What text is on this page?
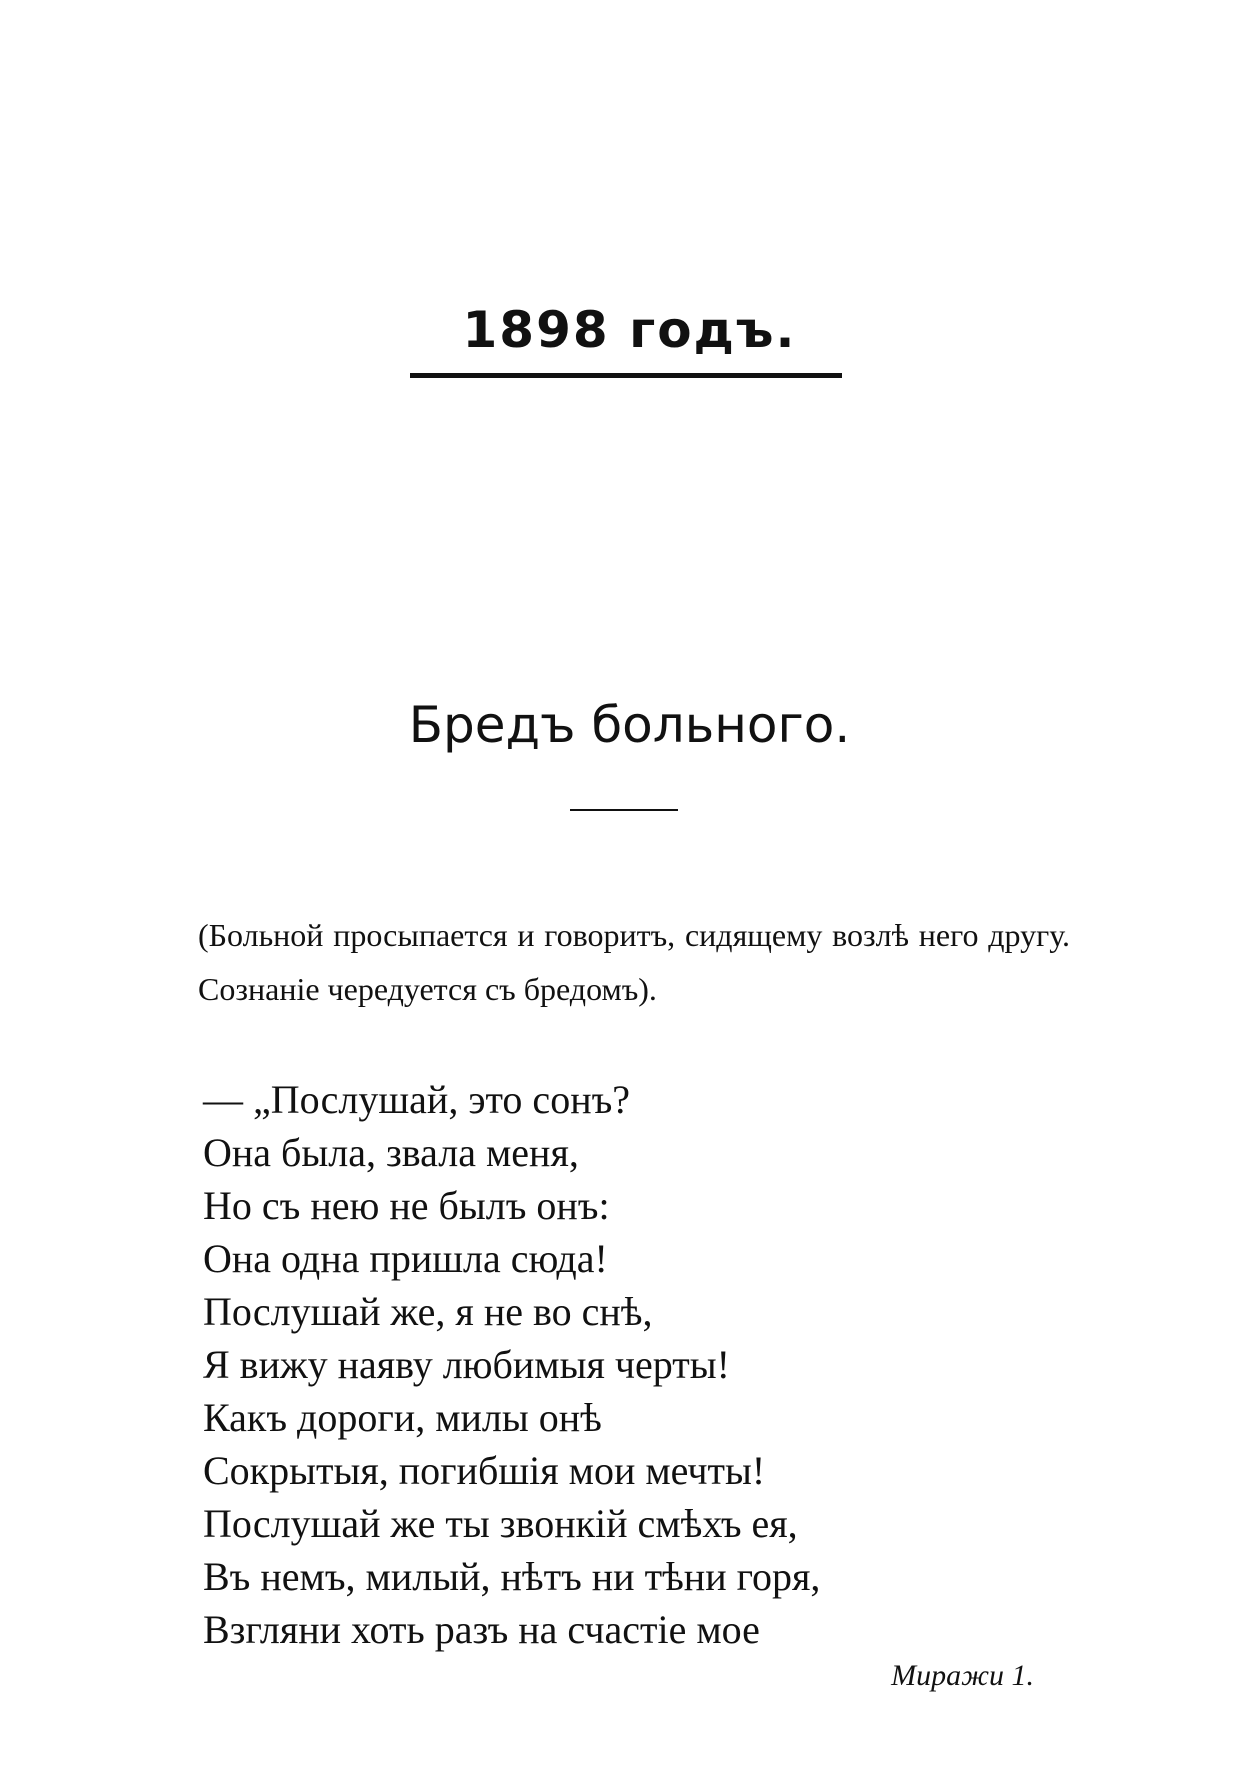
1898 годъ.
Бредъ больного.

(Больной просыпается и говоритъ, сидящему возлѣ него другу. Сознаніе чередуется съ бредомъ).

— „Послушай, это сонъ?
Она была, звала меня,
Но съ нею не былъ онъ:
Она одна пришла сюда!
Послушай же, я не во снѣ,
Я вижу наяву любимыя черты!
Какъ дороги, милы онѣ
Сокрытыя, погибшія мои мечты!
Послушай же ты звонкій смѣхъ ея,
Въ немъ, милый, нѣтъ ни тѣни горя,
Взгляни хоть разъ на счастіе мое
Миражи 1.
